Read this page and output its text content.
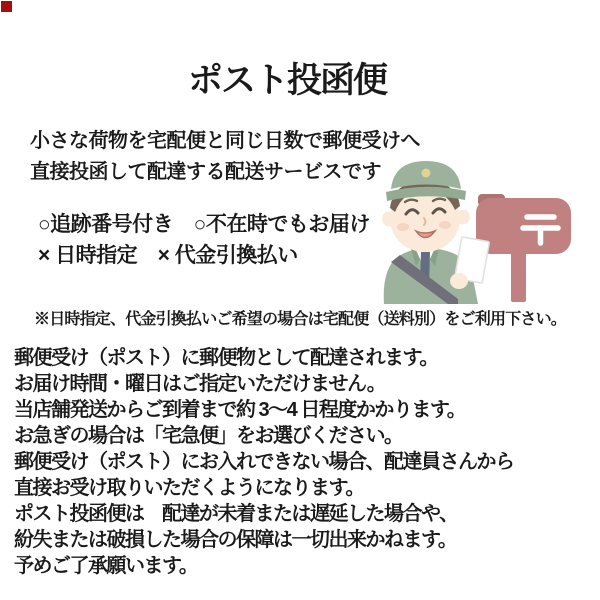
ポスト投函便
小さな荷物を宅配便と同じ日数で郵便受けへ
直接投函して配達する配送サービスです
○追跡番号付き　○不在時でもお届け
× 日時指定　× 代金引換払い
※日時指定、代金引換払いご希望の場合は宅配便（送料別）をご利用下さい。
郵便受け（ポスト）に郵便物として配達されます。
お届け時間・曜日はご指定いただけません。
当店舗発送からご到着まで約 3～4 日程度かかります。
お急ぎの場合は「宅急便」をお選びください。
郵便受け（ポスト）にお入れできない場合、配達員さんから
直接お受け取りいただくようになります。
ポスト投函便は　配達が未着または遅延した場合や、
紛失または破損した場合の保障は一切出来かねます。
予めご了承願います。
